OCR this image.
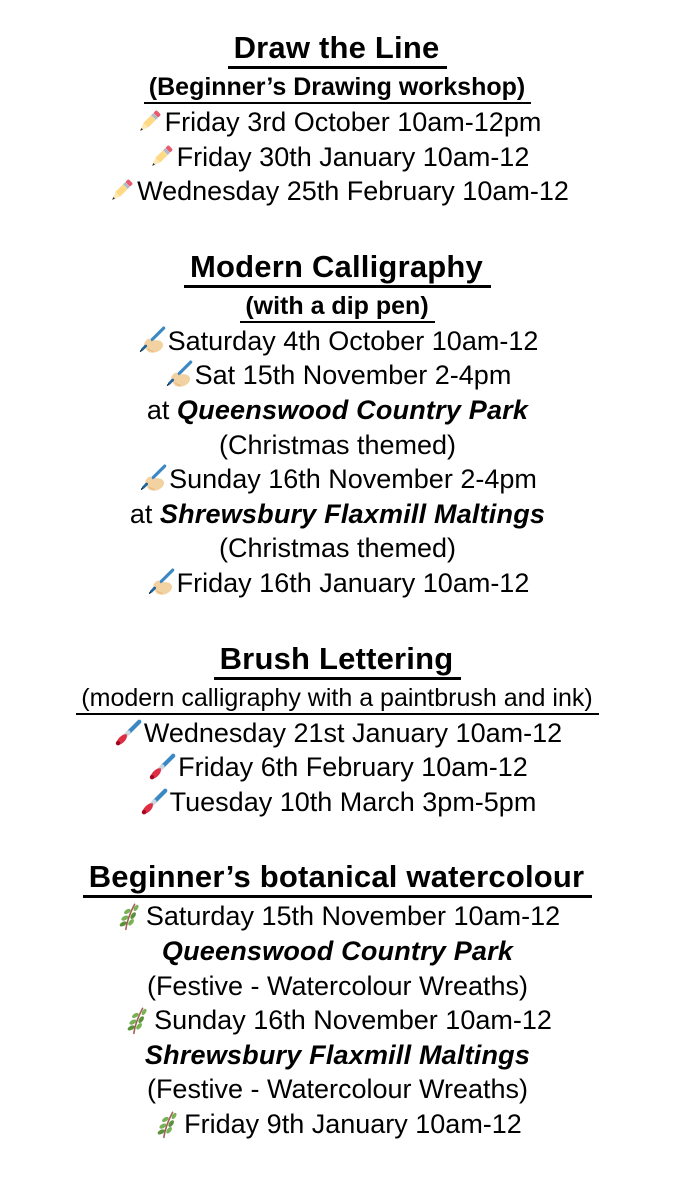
Draw the Line
(Beginner’s Drawing workshop)
Friday 3rd October 10am-12pm
Friday 30th January 10am-12
Wednesday 25th February 10am-12
Modern Calligraphy
(with a dip pen)
Saturday 4th October 10am-12
Sat 15th November 2-4pm
at Queenswood Country Park
(Christmas themed)
Sunday 16th November 2-4pm
at Shrewsbury Flaxmill Maltings
(Christmas themed)
Friday 16th January 10am-12
Brush Lettering
(modern calligraphy with a paintbrush and ink)
Wednesday 21st January 10am-12
Friday 6th February 10am-12
Tuesday 10th March 3pm-5pm
Beginner’s botanical watercolour
Saturday 15th November 10am-12
Queenswood Country Park
(Festive - Watercolour Wreaths)
Sunday 16th November 10am-12
Shrewsbury Flaxmill Maltings
(Festive - Watercolour Wreaths)
Friday 9th January 10am-12
